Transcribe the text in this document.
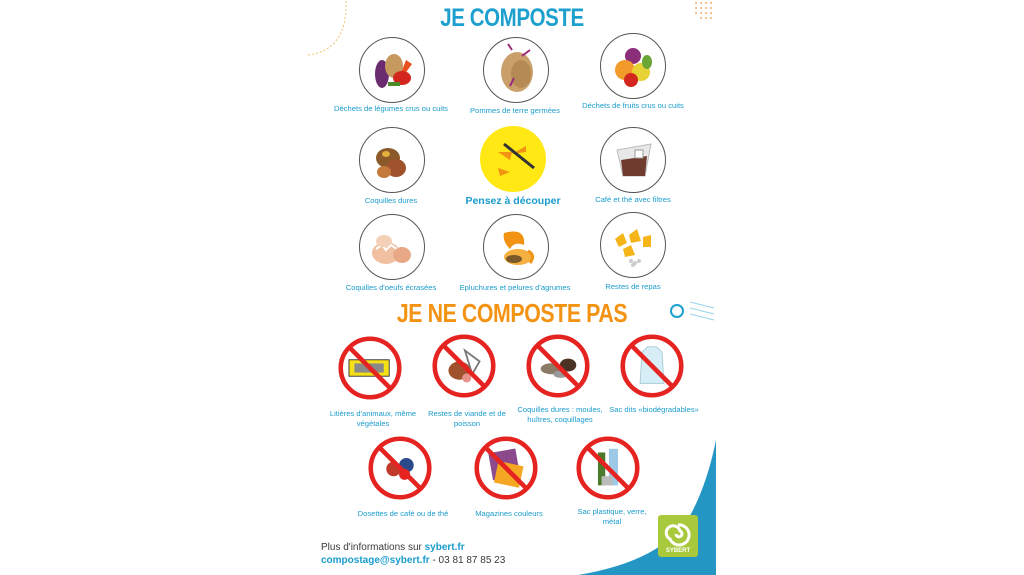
JE COMPOSTE
Déchets de légumes crus ou cuits	Pommes de terre germées
Déchets de fruits crus ou cuits
Coquilles dures	Pensez à découper	Café et thé avec filtres
Coquilles d'oeufs écrasées	Epluchures et pelures d'agrumes	Restes de repas
JE NE COMPOSTE PAS
Litières d'animaux, même végétales
Restes de viande et de poisson
Coquilles dures : moules, huîtres, coquillages
Sac dits «biodégradables»
Dosettes de café ou de thé	Magazines couleurs	Sac plastique, verre, métal
Plus d'informations sur sybert.fr
compostage@sybert.fr - 03 81 87 85 23
SYBERT
